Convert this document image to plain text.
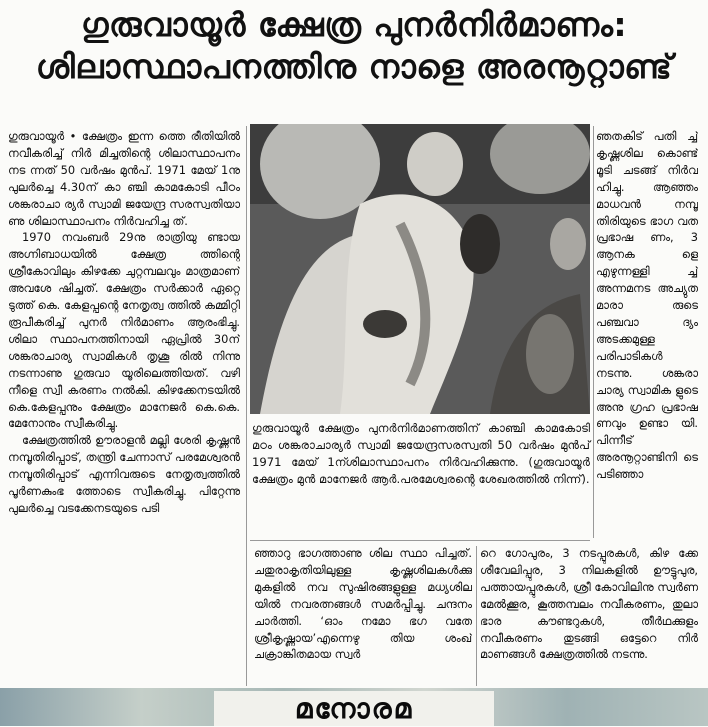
ഗുരുവായൂർ ക്ഷേത്ര പുനർനിർമാണം:
ശിലാസ്ഥാപനത്തിനു നാളെ അരനൂറ്റാണ്ട്

ഗുരുവായൂർ • ക്ഷേത്രം ഇന്ന ത്തെ രീതിയിൽ നവീകരിച്ച് നിർ മിച്ചതിന്റെ ശിലാസ്ഥാപനം നട ന്നത് 50 വർഷം മുൻപ്. 1971 മേയ് 1നു പുലർച്ചെ 4.30ന് കാ ഞ്ചി കാമകോടി പീഠം ശങ്കരാചാ ര്യർ സ്വാമി ജയേന്ദ്ര സരസ്വതിയാ ണു ശിലാസ്ഥാപനം നിർവഹിച്ച ത്.

1970 നവംബർ 29നു രാത്രിയു ണ്ടായ അഗ്നിബാധയിൽ ക്ഷേത്ര ത്തിന്റെ ശ്രീകോവിലും കിഴക്കേ ചുറ്റമ്പലവും മാത്രമാണ് അവശേ ഷിച്ചത്. ക്ഷേത്രം സർക്കാർ ഏറ്റെ ടുത്ത് കെ. കേളപ്പന്റെ നേതൃത്വ ത്തിൽ കമ്മിറ്റി രൂപീകരിച്ച് പുനർ നിർമാണം ആരംഭിച്ചു. ശിലാ സ്ഥാപനത്തിനായി ഏപ്രിൽ 30ന് ശങ്കരാചാര്യ സ്വാമികൾ തൃശൂ രിൽ നിന്നു നടന്നാണു ഗുരുവാ യൂരിലെത്തിയത്. വഴി നീളെ സ്വീ കരണം നൽകി. കിഴക്കേനടയിൽ കെ.കേളപ്പനും ക്ഷേത്രം മാനേജർ കെ.കെ. മേനോനും സ്വീകരിച്ചു.

ക്ഷേത്രത്തിൽ ഊരാളൻ മല്ലി ശേരി കൃഷ്ണൻ നമ്പൂതിരിപ്പാട്, തന്ത്രി ചേന്നാസ് പരമേശ്വരൻ നമ്പൂതിരിപ്പാട് എന്നിവരുടെ നേതൃത്വത്തിൽ പൂർണകുംഭ ത്തോടെ സ്വീകരിച്ചു. പിറ്റേന്നു പുലർച്ചെ വടക്കേനടയുടെ പടി

ഗുരുവായൂർ ക്ഷേത്രം പുനർനിർമാണത്തിന് കാഞ്ചി കാമകോടി മഠം ശങ്കരാചാര്യർ സ്വാമി ജയേന്ദ്രസരസ്വതി 50 വർഷം മുൻപ് 1971 മേയ് 1ന്ശിലാസ്ഥാപനം നിർവഹിക്കുന്നു. (ഗുരുവായൂർ ക്ഷേത്രം മുൻ മാനേജർ ആർ.പരമേശ്വരന്റെ ശേഖരത്തിൽ നിന്ന്).

ഞതകിട് പതി ച്ച് കൃഷ്ണശില കൊണ്ട് മൂടി ചടങ്ങ് നിർവ ഹിച്ചു. ആഞ്ഞം മാധവൻ നമ്പൂ തിരിയുടെ ഭാഗ വത പ്രഭാഷ ണം, 3 ആനക ളെ എഴുന്നള്ളി ച്ച് അന്നമനട അച്യുത മാരാ രുടെ പഞ്ചവാ ദ്യം അടക്കമുള്ള പരിപാടികൾ നടന്നു. ശങ്കരാ ചാര്യ സ്വാമിക ളുടെ അനു ഗ്രഹ പ്രഭാഷ ണവും ഉണ്ടാ യി. പിന്നീട് അരനൂറ്റാണ്ടിനി ടെ പടിഞ്ഞാ

ഞ്ഞാറു ഭാഗത്താണു ശില സ്ഥാ പിച്ചത്. ചതുരാകൃതിയിലുള്ള കൃഷ്ണശിലകൾക്കു മുകളിൽ നവ സുഷിരങ്ങളുള്ള മധ്യശില യിൽ നവരത്നങ്ങൾ സമർപ്പിച്ചു. ചന്ദനം ചാർത്തി. ‘ഓം നമോ ഭഗ വതേ ശ്രീകൃഷ്ണായ’എന്നെഴു തിയ ശംഖ് ചക്രാങ്കിതമായ സ്വർ

റെ ഗോപുരം, 3 നടപ്പുരകൾ, കിഴ ക്കേ ശീവേലിപ്പുര, 3 നിലകളിൽ ഊട്ടുപുര, പത്തായപ്പുരകൾ, ശ്രീ കോവിലിനു സ്വർണ മേൽക്കൂര, കൂത്തമ്പലം നവീകരണം, തുലാ ഭാര കൗണ്ടറുകൾ, തീർഥക്കുളം നവീകരണം തുടങ്ങി ഒട്ടേറെ നിർ മാണങ്ങൾ ക്ഷേത്രത്തിൽ നടന്നു.

മനോരമ
